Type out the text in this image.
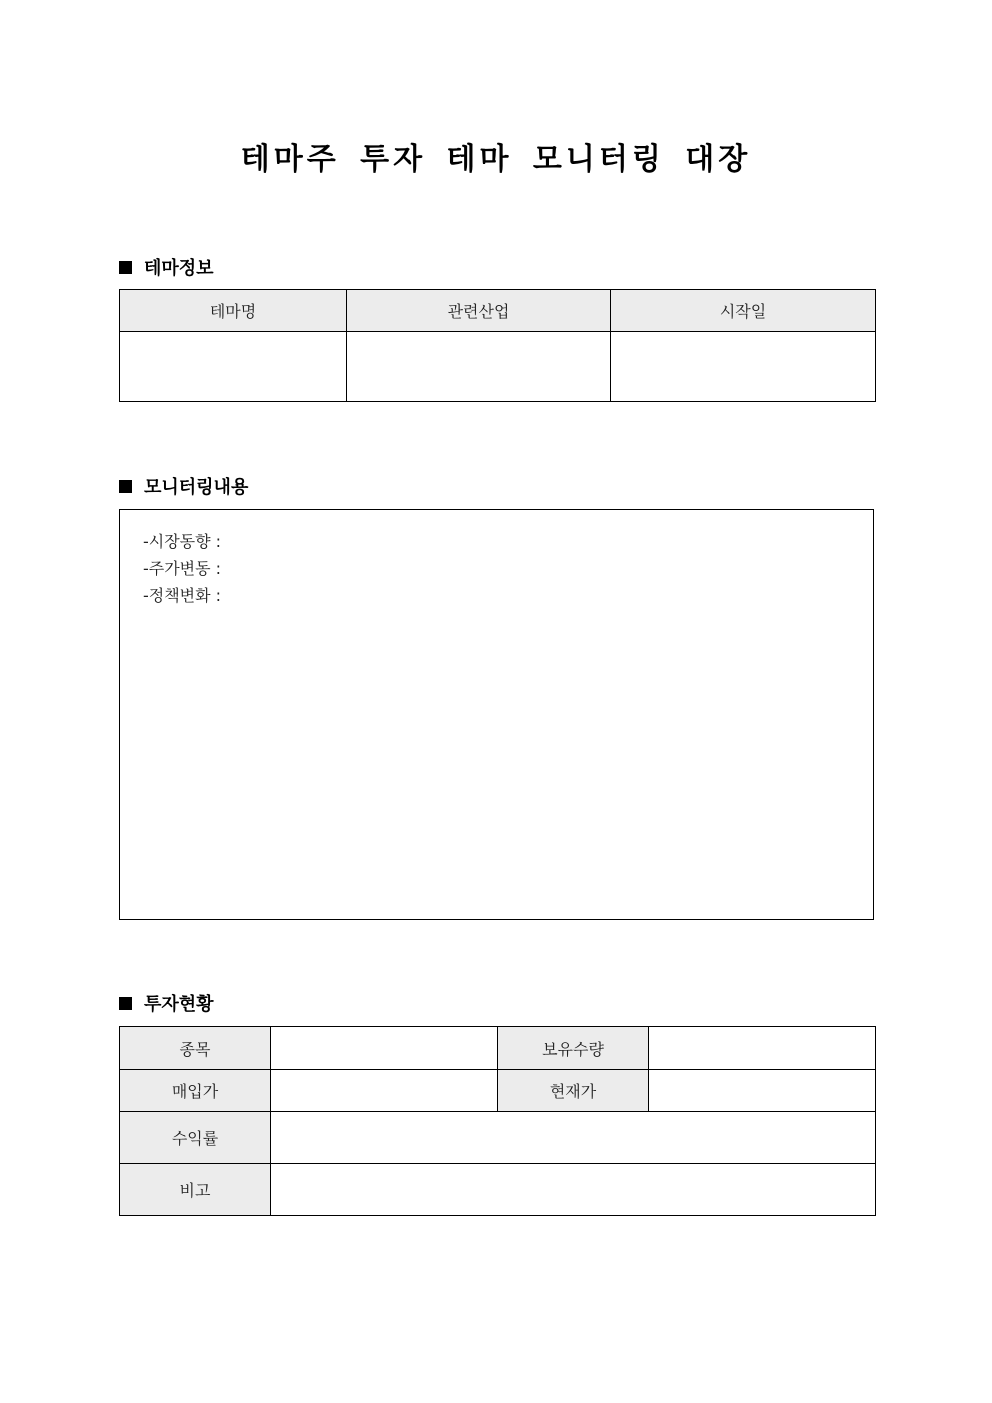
테마주 투자 테마 모니터링 대장
테마정보
테마명	관련산업	시작일

모니터링내용
-시장동향 :
-주가변동 :
-정책변화 :
투자현황
종목		보유수량	
매입가		현재가	
수익률			
비고			
